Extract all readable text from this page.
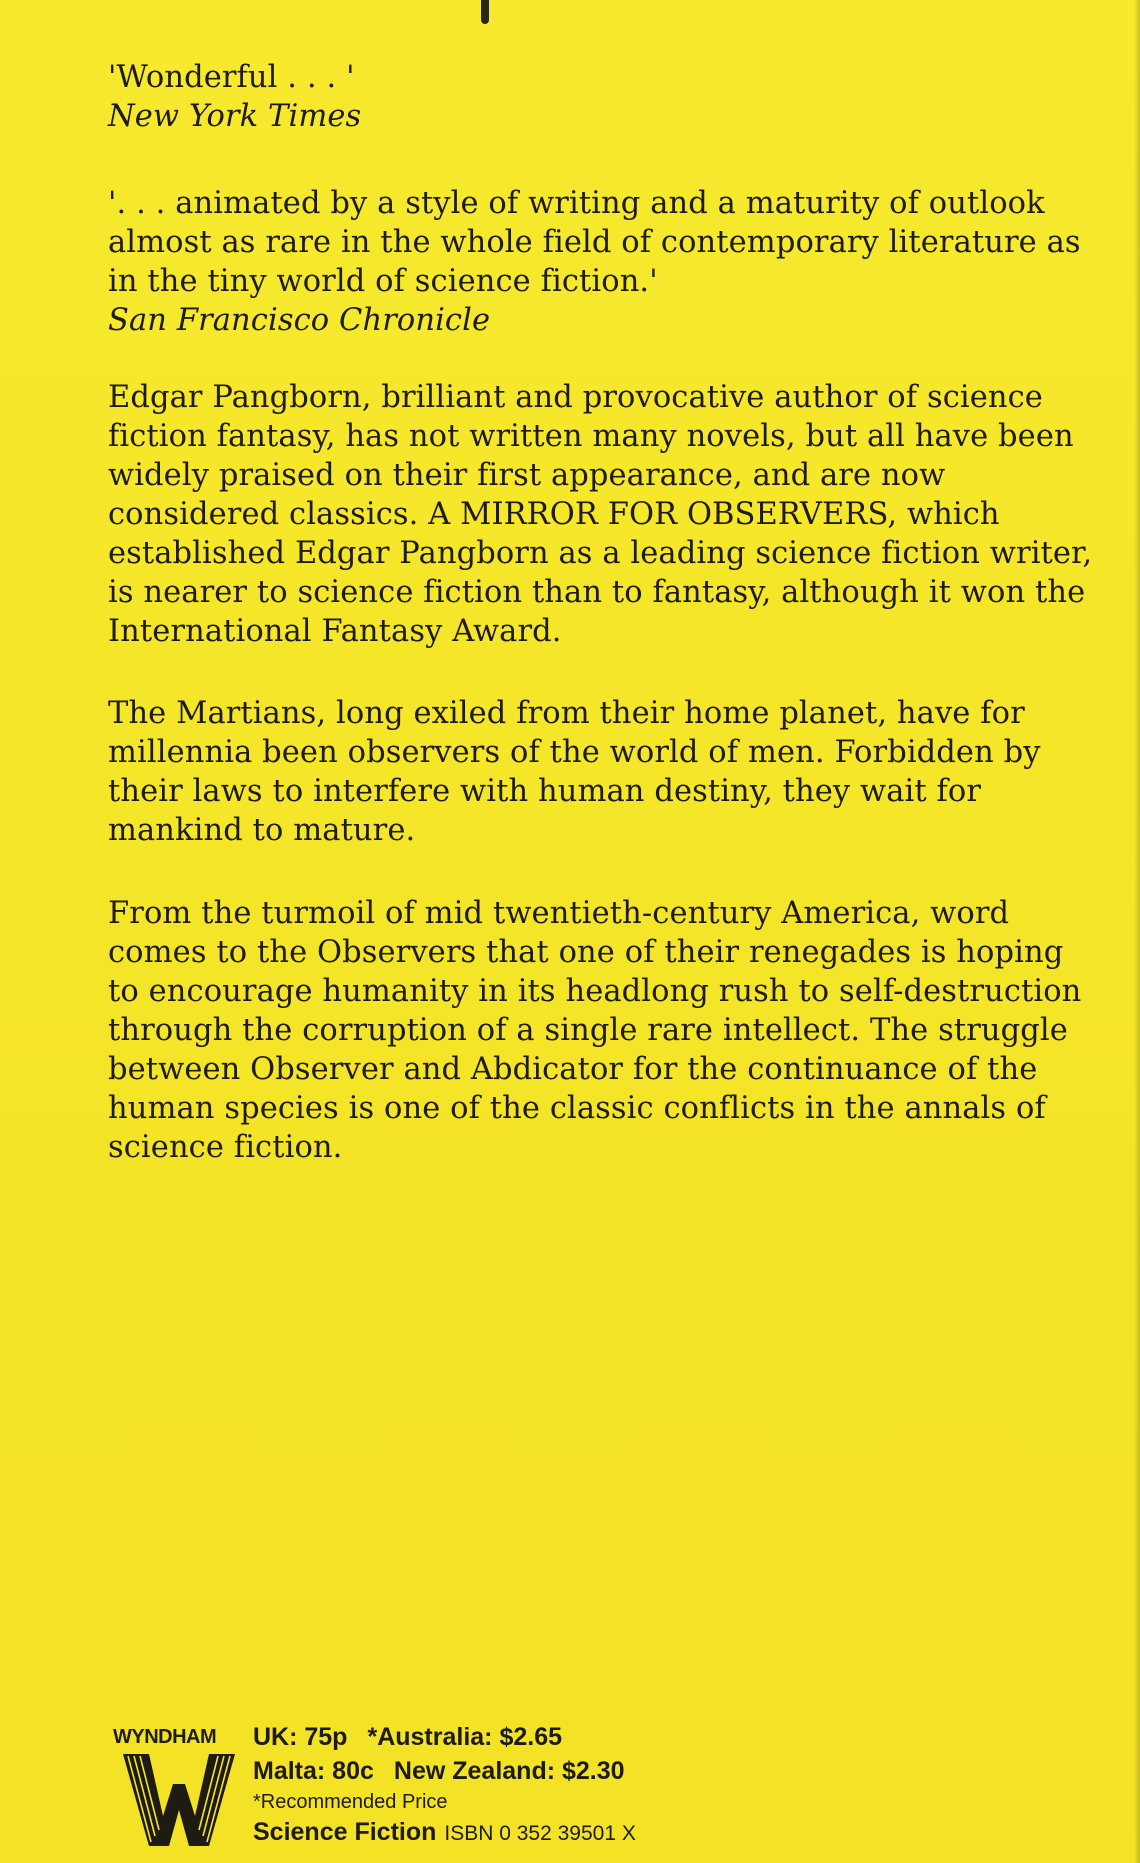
'Wonderful . . . '

New York Times

'. . . animated by a style of writing and a maturity of outlook almost as rare in the whole field of contemporary literature as in the tiny world of science fiction.'

San Francisco Chronicle

Edgar Pangborn, brilliant and provocative author of science fiction fantasy, has not written many novels, but all have been widely praised on their first appearance, and are now considered classics. A MIRROR FOR OBSERVERS, which established Edgar Pangborn as a leading science fiction writer, is nearer to science fiction than to fantasy, although it won the International Fantasy Award.

The Martians, long exiled from their home planet, have for millennia been observers of the world of men. Forbidden by their laws to interfere with human destiny, they wait for mankind to mature.

From the turmoil of mid twentieth-century America, word comes to the Observers that one of their renegades is hoping to encourage humanity in its headlong rush to self-destruction through the corruption of a single rare intellect. The struggle between Observer and Abdicator for the continuance of the human species is one of the classic conflicts in the annals of science fiction.

WYNDHAM UK: 75p *Australia: $2.65
Malta: 80c New Zealand: $2.30
*Recommended Price
Science Fiction ISBN 0 352 39501 X
